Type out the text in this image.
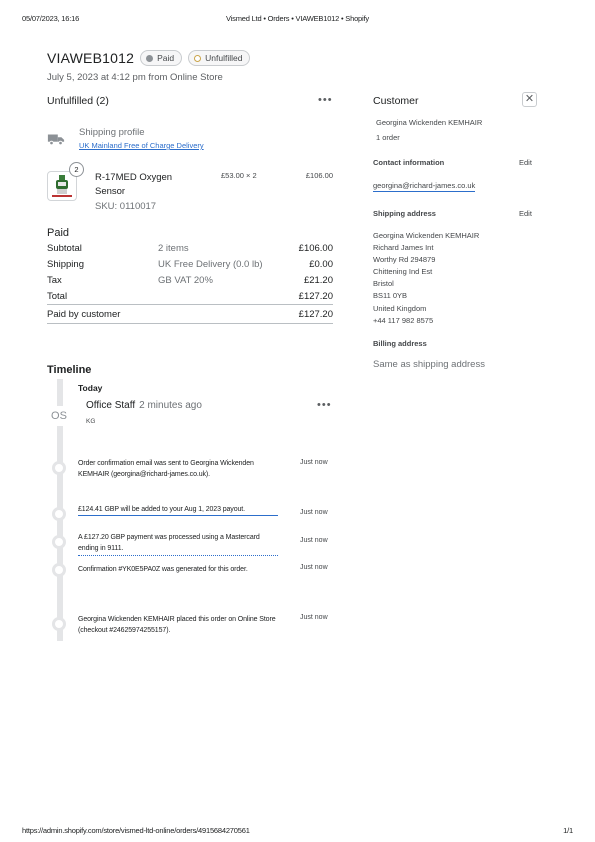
05/07/2023, 16:16	Vismed Ltd • Orders • VIAWEB1012 • Shopify
VIAWEB1012	Paid	Unfulfilled
July 5, 2023 at 4:12 pm from Online Store
Unfulfilled (2)	•••
Shipping profile
UK Mainland Free of Charge Delivery
2
R-17MED Oxygen Sensor
SKU: 0110017
£53.00 × 2	£106.00
Paid
Subtotal	2 items	£106.00
Shipping	UK Free Delivery (0.0 lb)	£0.00
Tax	GB VAT 20%	£21.20
Total	£127.20
Paid by customer	£127.20
Customer	✕
Georgina Wickenden KEMHAIR
1 order
Contact information	Edit
georgina@richard-james.co.uk
Shipping address	Edit
Georgina Wickenden KEMHAIR
Richard James Int
Worthy Rd 294879
Chittening Ind Est
Bristol
BS11 0YB
United Kingdom
+44 117 982 8575
Billing address
Same as shipping address
Timeline
Today
OS
Office Staff 2 minutes ago
KG
•••
Order confirmation email was sent to Georgina Wickenden KEMHAIR (georgina@richard-james.co.uk).
Just now
£124.41 GBP will be added to your Aug 1, 2023 payout.	Just now
A £127.20 GBP payment was processed using a Mastercard ending in 9111.
Just now
Confirmation #YK0E5PA0Z was generated for this order.	Just now
Georgina Wickenden KEMHAIR placed this order on Online Store (checkout #24625974255157).
Just now
https://admin.shopify.com/store/vismed-ltd-online/orders/4915684270561	1/1
